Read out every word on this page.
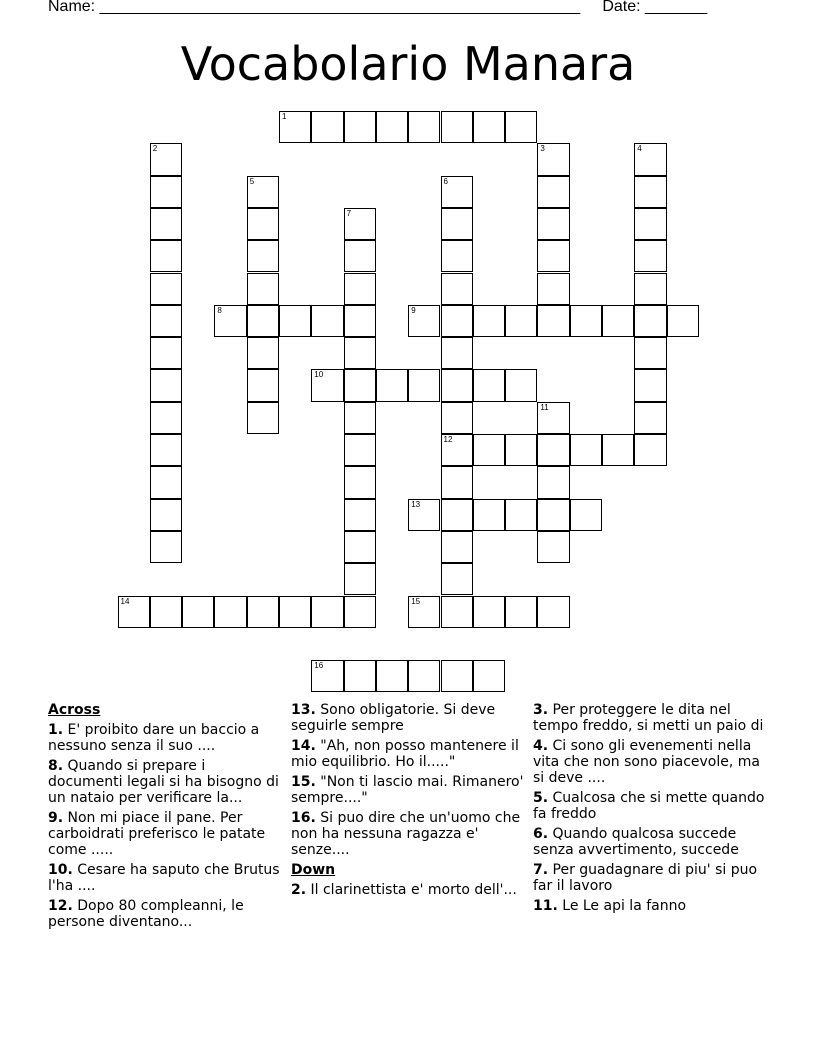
Name: ______________________________________________________     Date: _______
Vocabolario Manara
1
2	3	4
5	6
7
8	9
10
11
12
13
14	15
16
Across
1. E' proibito dare un baccio a nessuno senza il suo ....
8. Quando si prepare i documenti legali si ha bisogno di un nataio per verificare la...
9. Non mi piace il pane. Per carboidrati preferisco le patate come .....
10. Cesare ha saputo che Brutus l'ha ....
12. Dopo 80 compleanni, le persone diventano...
13. Sono obligatorie. Si deve seguirle sempre
14. "Ah, non posso mantenere il mio equilibrio. Ho il....."
15. "Non ti lascio mai. Rimanero' sempre...."
16. Si puo dire che un'uomo che non ha nessuna ragazza e' senze....
Down
2. Il clarinettista e' morto dell'...
3. Per proteggere le dita nel tempo freddo, si metti un paio di
4. Ci sono gli evenementi nella vita che non sono piacevole, ma si deve ....
5. Cualcosa che si mette quando fa freddo
6. Quando qualcosa succede senza avvertimento, succede
7. Per guadagnare di piu' si puo far il lavoro
11. Le Le api la fanno
